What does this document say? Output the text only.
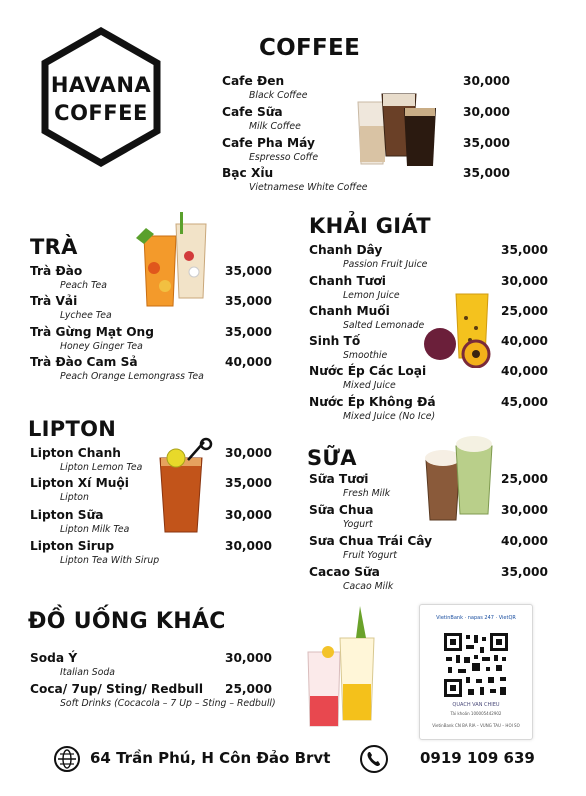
HAVANA
COFFEE
COFFEE
Cafe Đen
Black Coffee
30,000
Cafe Sữa
Milk Coffee
30,000
Cafe Pha Máy
Espresso Coffe
35,000
Bạc Xỉu
Vietnamese White Coffee
35,000
TRÀ
Trà Đào
Peach Tea
35,000
Trà Vải
Lychee Tea
35,000
Trà Gừng Mạt Ong
Honey Ginger Tea
35,000
Trà Đào Cam Sả
Peach Orange Lemongrass Tea
40,000
KHẢI GIÁT
Chanh Dây
Passion Fruit Juice
35,000
Chanh Tươi
Lemon Juice
30,000
Chanh Muối
Salted Lemonade
25,000
Sinh Tố
Smoothie
40,000
Nước Ép Các Loại
Mixed Juice
40,000
Nước Ép Không Đá
Mixed Juice (No Ice)
45,000
LIPTON
Lipton Chanh
Lipton Lemon Tea
30,000
Lipton Xí Muội
Lipton
35,000
Lipton Sữa
Lipton Milk Tea
30,000
Lipton Sirup
Lipton Tea With Sirup
30,000
SỮA
Sữa Tươi
Fresh Milk
25,000
Sữa Chua
Yogurt
30,000
Sưa Chua Trái Cây
Fruit Yogurt
40,000
Cacao Sữa
Cacao Milk
35,000
ĐỒ UỐNG KHÁC
Soda Ý
Italian Soda
30,000
Coca/ 7up/ Sting/ Redbull
Soft Drinks (Cocacola – 7 Up – Sting – Redbull)
25,000
VietinBank · napas 247 · VietQR
QUACH VAN CHIEU
Tài khoản 100005442902
VietinBank CN BA RIA – VUNG TAU – HOI SO
64 Trần Phú, H Côn Đảo Brvt	0919 109 639
